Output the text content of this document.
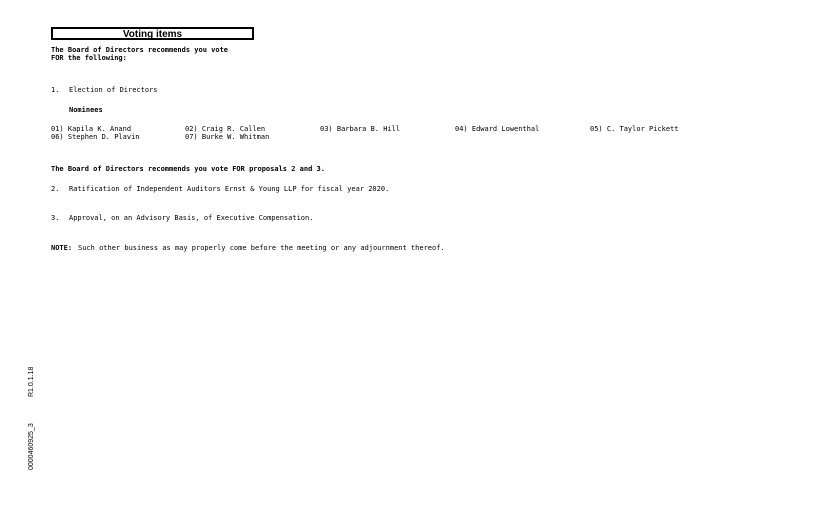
Voting items
The Board of Directors recommends you vote
FOR the following:
1. Election of Directors
Nominees
01) Kapila K. Anand	02) Craig R. Callen	03) Barbara B. Hill	04) Edward Lowenthal	05) C. Taylor Pickett
06) Stephen D. Plavin	07) Burke W. Whitman
The Board of Directors recommends you vote FOR proposals 2 and 3.
2. Ratification of Independent Auditors Ernst & Young LLP for fiscal year 2020.
3. Approval, on an Advisory Basis, of Executive Compensation.
NOTE: Such other business as may properly come before the meeting or any adjournment thereof.
0000460925_3
R1.0.1.18
